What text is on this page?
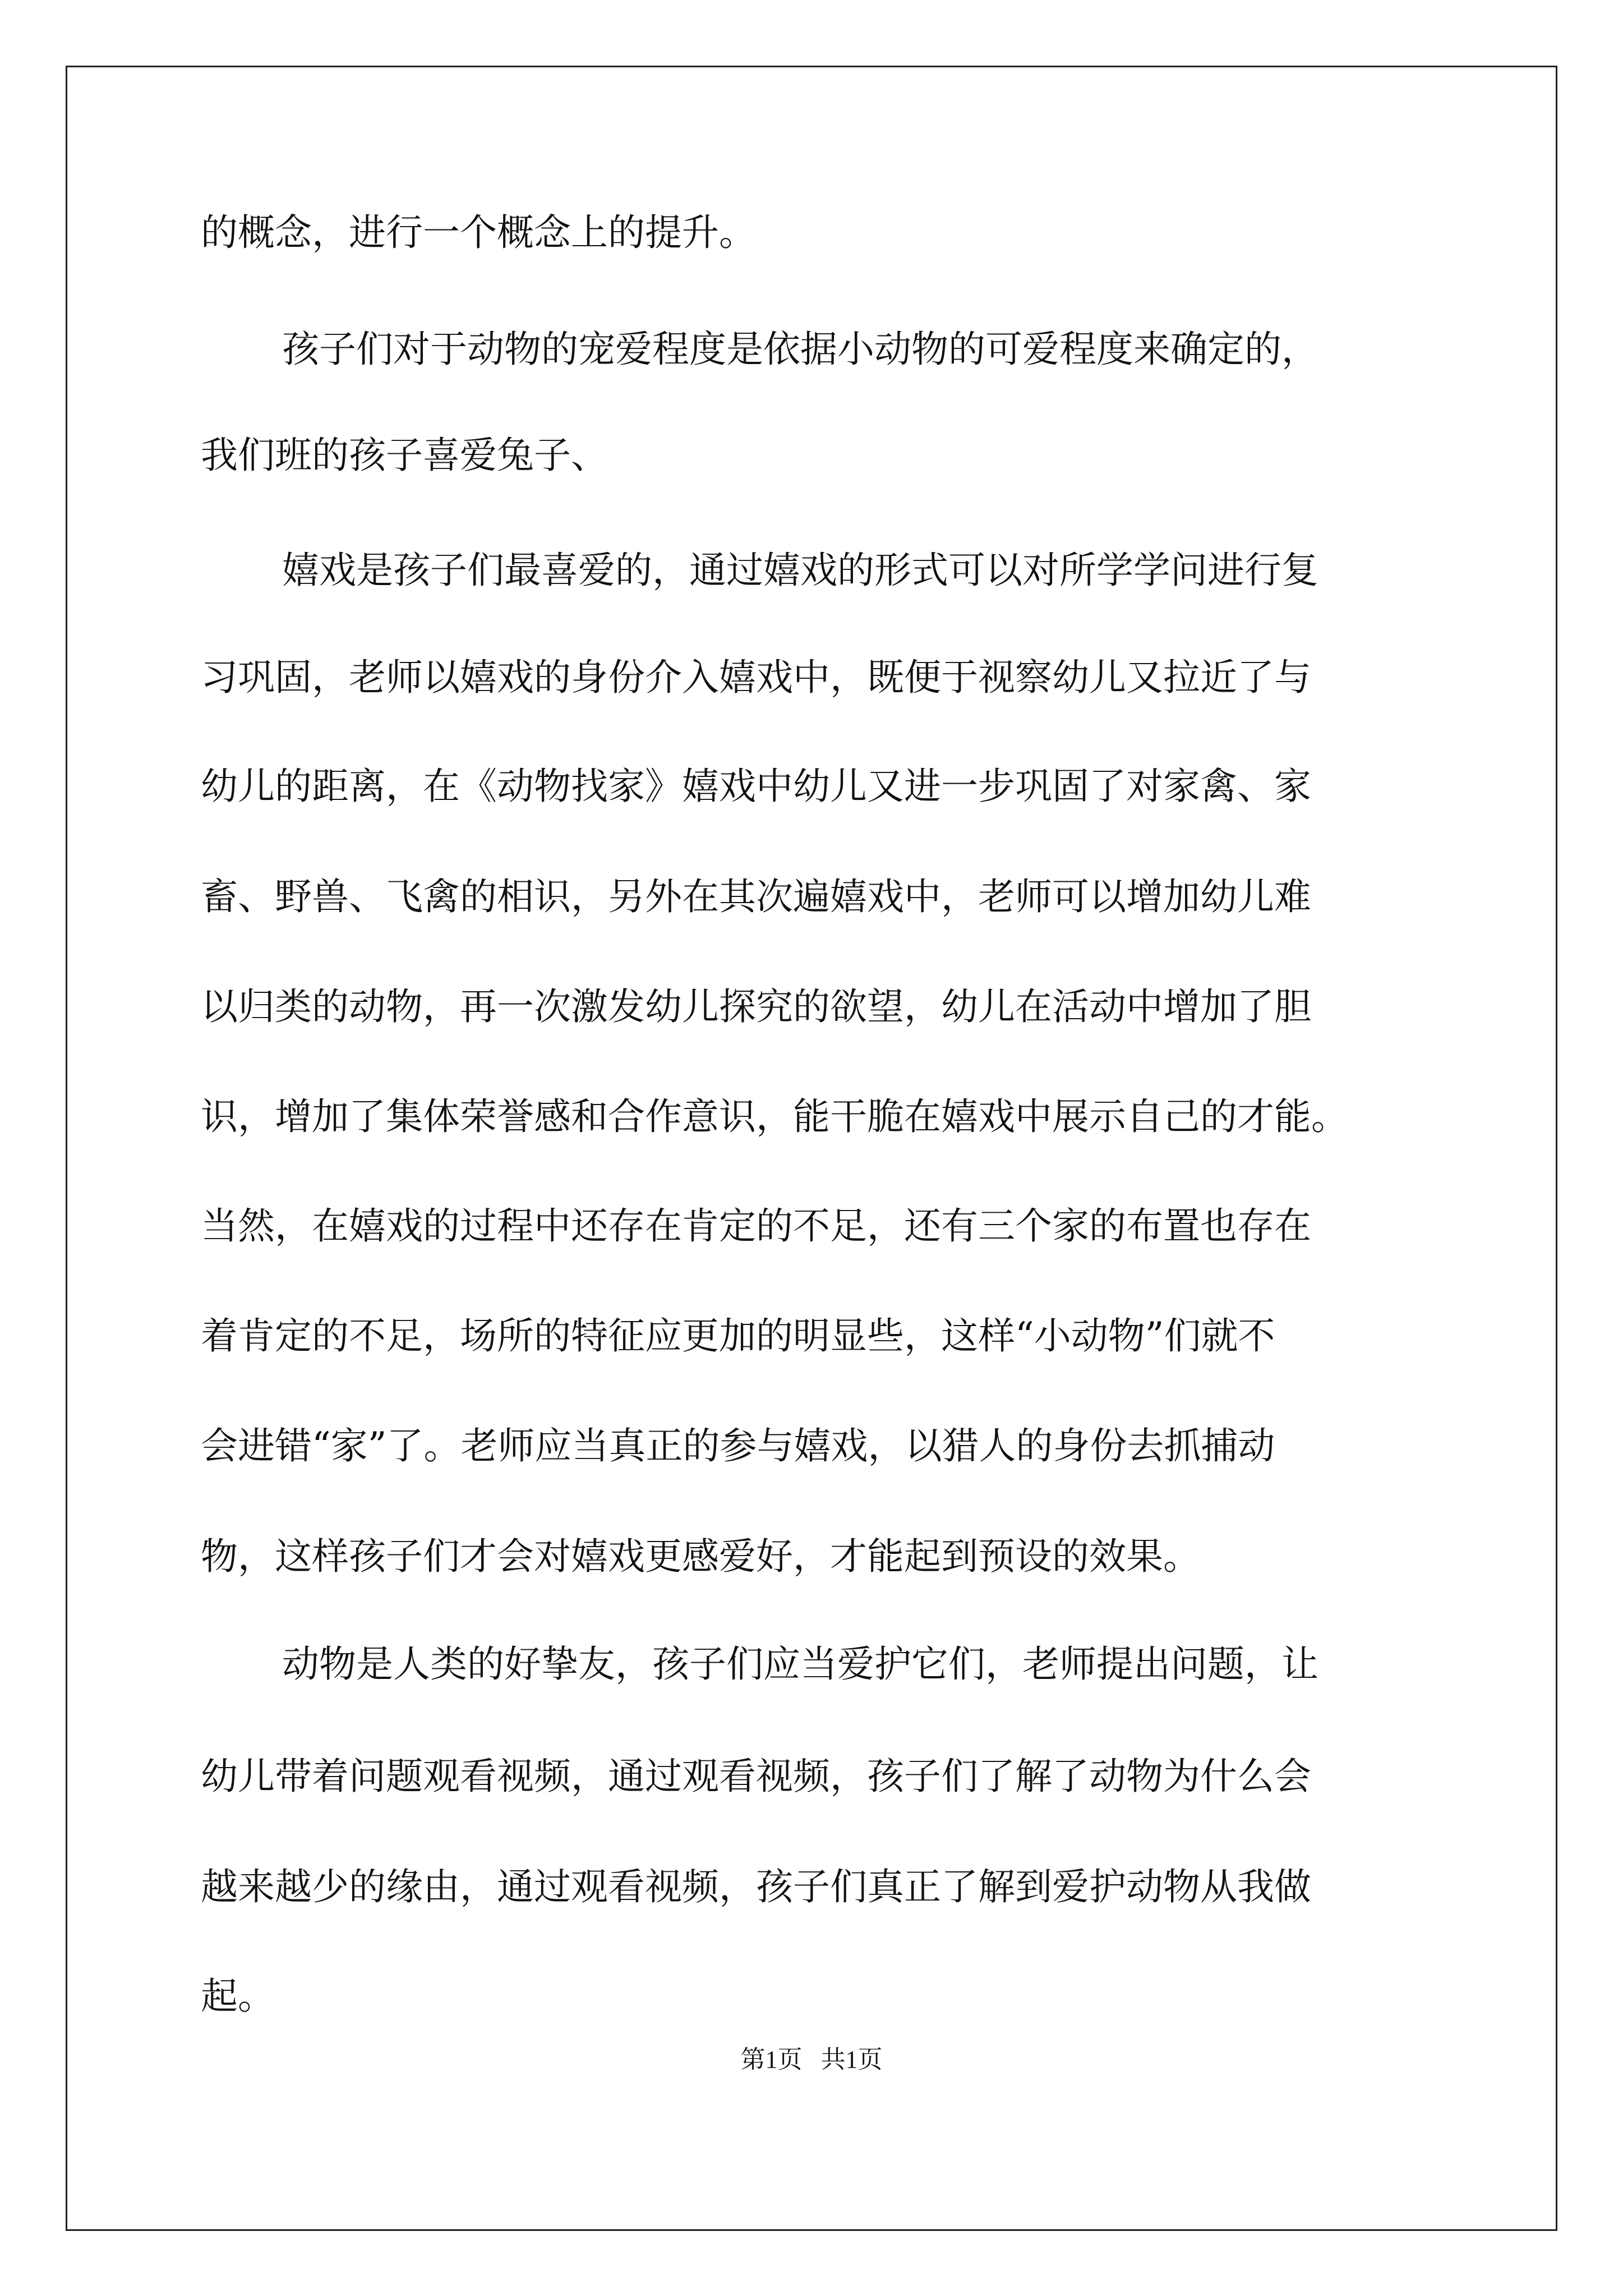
的概念，进行一个概念上的提升。
孩子们对于动物的宠爱程度是依据小动物的可爱程度来确定的，
我们班的孩子喜爱兔子、
嬉戏是孩子们最喜爱的，通过嬉戏的形式可以对所学学问进行复
习巩固，老师以嬉戏的身份介入嬉戏中，既便于视察幼儿又拉近了与
幼儿的距离，在《动物找家》嬉戏中幼儿又进一步巩固了对家禽、家
畜、野兽、飞禽的相识，另外在其次遍嬉戏中，老师可以增加幼儿难
以归类的动物，再一次激发幼儿探究的欲望，幼儿在活动中增加了胆
识，增加了集体荣誉感和合作意识，能干脆在嬉戏中展示自己的才能。
当然，在嬉戏的过程中还存在肯定的不足，还有三个家的布置也存在
着肯定的不足，场所的特征应更加的明显些，这样“小动物”们就不
会进错“家”了。老师应当真正的参与嬉戏，以猎人的身份去抓捕动
物，这样孩子们才会对嬉戏更感爱好，才能起到预设的效果。
动物是人类的好挚友，孩子们应当爱护它们，老师提出问题，让
幼儿带着问题观看视频，通过观看视频，孩子们了解了动物为什么会
越来越少的缘由，通过观看视频，孩子们真正了解到爱护动物从我做
起。
第1页   共1页
